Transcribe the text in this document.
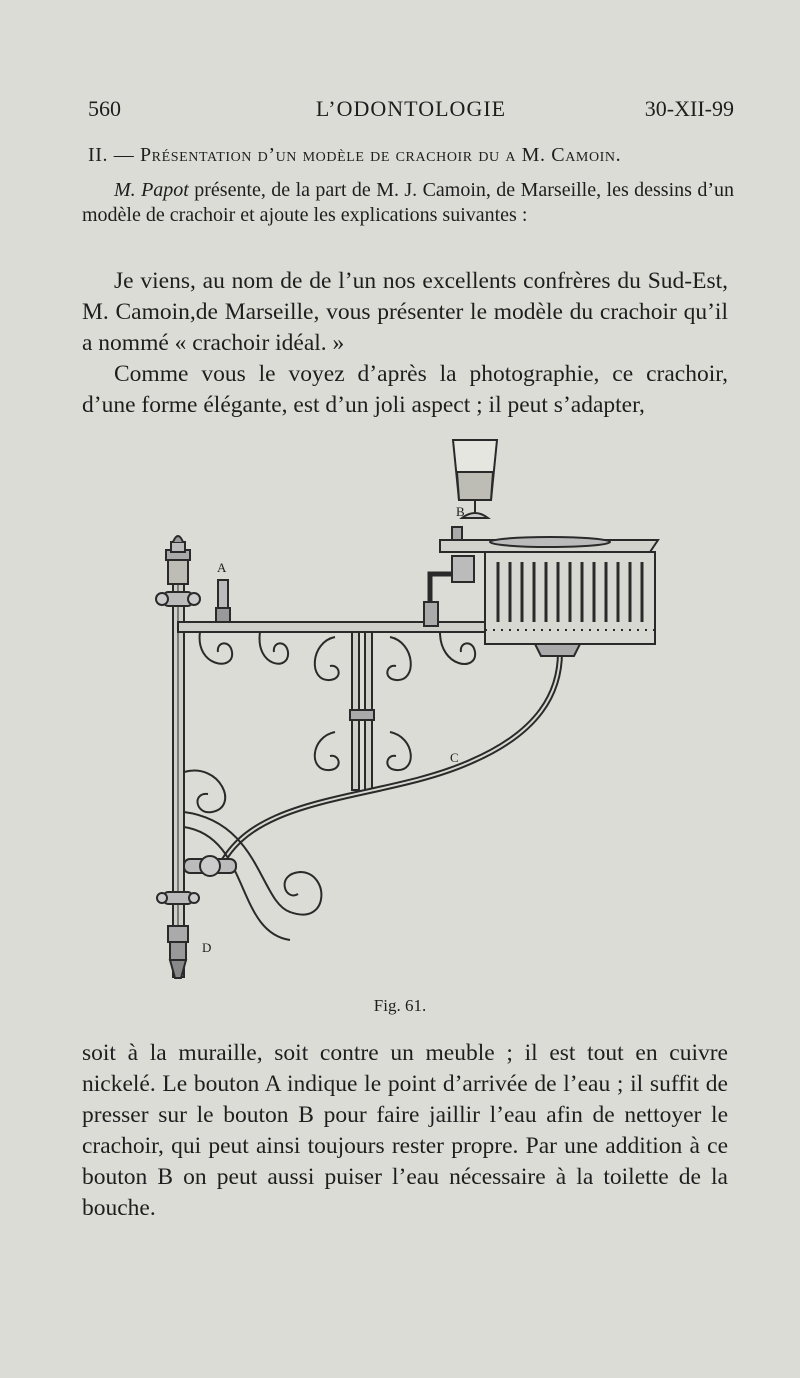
560	L’ODONTOLOGIE	30-XII-99
II. — Présentation d’un modèle de crachoir du a M. Camoin.
M. Papot présente, de la part de M. J. Camoin, de Marseille, les dessins d’un modèle de crachoir et ajoute les explications suivantes :
Je viens, au nom de de l’un nos excellents confrères du Sud-Est, M. Camoin,de Marseille, vous présenter le modèle du crachoir qu’il a nommé « crachoir idéal. »
Comme vous le voyez d’après la photographie, ce crachoir, d’une forme élégante, est d’un joli aspect ; il peut s’adapter,
A
B
C
D
Fig. 61.
soit à la muraille, soit contre un meuble ; il est tout en cuivre nickelé. Le bouton A indique le point d’arrivée de l’eau ; il suffit de presser sur le bouton B pour faire jaillir l’eau afin de nettoyer le crachoir, qui peut ainsi toujours rester propre. Par une addition à ce bouton B on peut aussi puiser l’eau nécessaire à la toilette de la bouche.
